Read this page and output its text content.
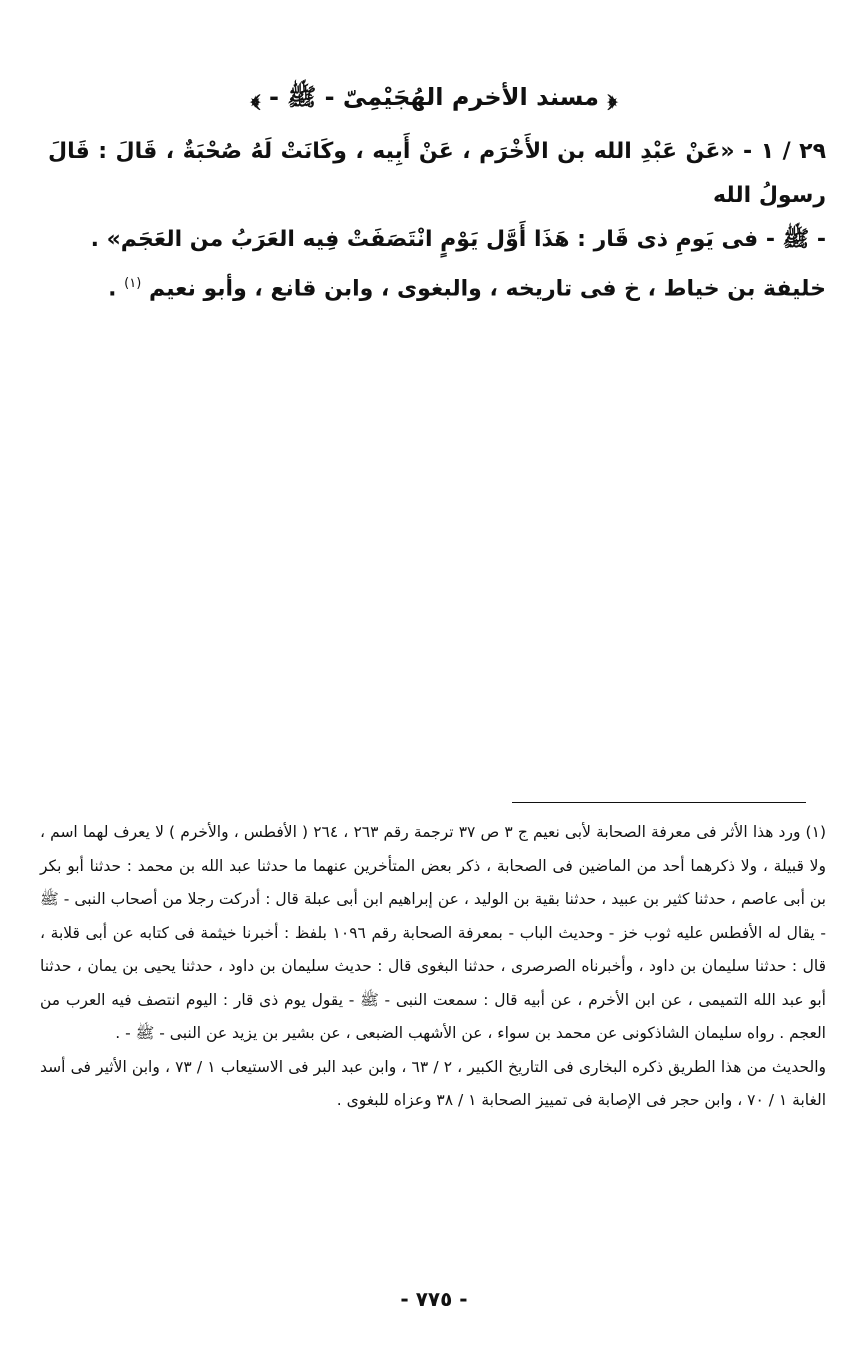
﴿ مسند الأخرم الهُجَيْمِىّ - ﷺ - ﴾

٢٩ / ١ - «عَنْ عَبْدِ الله بن الأَخْرَم ، عَنْ أَبِيه ، وكَانَتْ لَهُ صُحْبَةٌ ، قَالَ : قَالَ رسولُ الله

- ﷺ - فى يَومِ ذى قَار : هَذَا أَوَّل يَوْمٍ انْتَصَفَتْ فِيه العَرَبُ من العَجَم» .

خليفة بن خياط ، خ فى تاريخه ، والبغوى ، وابن قانع ، وأبو نعيم $^{(١)}$ .

(١) ورد هذا الأثر فى معرفة الصحابة لأبى نعيم ج ٣ ص ٣٧ ترجمة رقم ٢٦٣ ، ٢٦٤ ( الأفطس ، والأخرم ) لا يعرف لهما اسم ، ولا قبيلة ، ولا ذكرهما أحد من الماضين فى الصحابة ، ذكر بعض المتأخرين عنهما ما حدثنا عبد الله بن محمد : حدثنا أبو بكر بن أبى عاصم ، حدثنا كثير بن عبيد ، حدثنا بقية بن الوليد ، عن إبراهيم ابن أبى عبلة قال : أدركت رجلا من أصحاب النبى - ﷺ - يقال له الأفطس عليه ثوب خز - وحديث الباب - بمعرفة الصحابة رقم ١٠٩٦ بلفظ : أخبرنا خيثمة فى كتابه عن أبى قلابة ، قال : حدثنا سليمان بن داود ، وأخبرناه الصرصرى ، حدثنا البغوى قال : حديث سليمان بن داود ، حدثنا يحيى بن يمان ، حدثنا أبو عبد الله التميمى ، عن ابن الأخرم ، عن أبيه قال : سمعت النبى - ﷺ - يقول يوم ذى قار : اليوم انتصف فيه العرب من العجم . رواه سليمان الشاذكونى عن محمد بن سواء ، عن الأشهب الضبعى ، عن بشير بن يزيد عن النبى - ﷺ - .

والحديث من هذا الطريق ذكره البخارى فى التاريخ الكبير ، ٢ / ٦٣ ، وابن عبد البر فى الاستيعاب ١ / ٧٣ ، وابن الأثير فى أسد الغابة ١ / ٧٠ ، وابن حجر فى الإصابة فى تمييز الصحابة ١ / ٣٨ وعزاه للبغوى .

- ٧٧٥ -
